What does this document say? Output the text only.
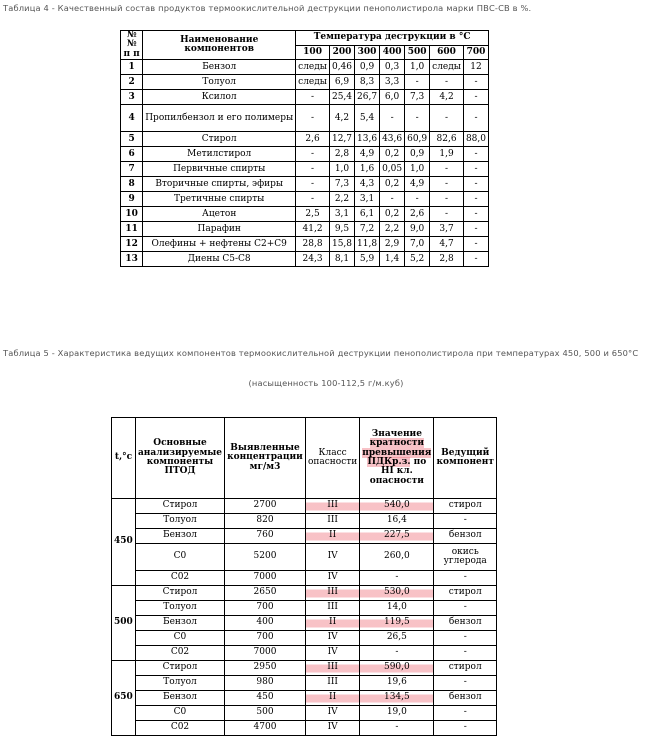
Таблица 4 - Качественный состав продуктов термоокислительной деструкции пенополистирола марки ПВС-СВ в %.

№№ п п	Наименование компонентов	Температура деструкции в °С						
		100	200	300	400	500	600	700
1	Бензол	следы	0,46	0,9	0,3	1,0	следы	12
2	Толуол	следы	6,9	8,3	3,3	-	-	-
3	Ксилол	-	25,4	26,7	6,0	7,3	4,2	-
4	Пропилбензол и его полимеры	-	4,2	5,4	-	-	-	-
5	Стирол	2,6	12,7	13,6	43,6	60,9	82,6	88,0
6	Метилстирол	-	2,8	4,9	0,2	0,9	1,9	-
7	Первичные спирты	-	1,0	1,6	0,05	1,0	-	-
8	Вторичные спирты, эфиры	-	7,3	4,3	0,2	4,9	-	-
9	Третичные спирты	-	2,2	3,1	-	-	-	-
10	Ацетон	2,5	3,1	6,1	0,2	2,6	-	-
11	Парафин	41,2	9,5	7,2	2,2	9,0	3,7	-
12	Олефины + нефтены С2+С9	28,8	15,8	11,8	2,9	7,0	4,7	-
13	Диены С5-С8	24,3	8,1	5,9	1,4	5,2	2,8	-

Таблица 5 - Характеристика ведущих компонентов термоокислительной деструкции пенополистирола при температурах 450, 500 и 650°С

(насыщенность 100-112,5 г/м.куб)

t,°c	Основные анализируемые компоненты ПТОД	Выявленные концентрации мг/м3	Класс опасности	Значение кратности превышения ПДКр.з. по НI кл. опасности	Ведущий компонент
450	Стирол	2700	III	540,0	стирол
	Толуол	820	III	16,4	-
	Бензол	760	II	227,5	бензол
	С0	5200	IV	260,0	окись углерода
	С02	7000	IV	-	-
500	Стирол	2650	III	530,0	стирол
	Толуол	700	III	14,0	-
	Бензол	400	II	119,5	бензол
	С0	700	IV	26,5	-
	С02	7000	IV	-	-
650	Стирол	2950	III	590,0	стирол
	Толуол	980	III	19,6	-
	Бензол	450	II	134,5	бензол
	С0	500	IV	19,0	-
	С02	4700	IV	-	-
